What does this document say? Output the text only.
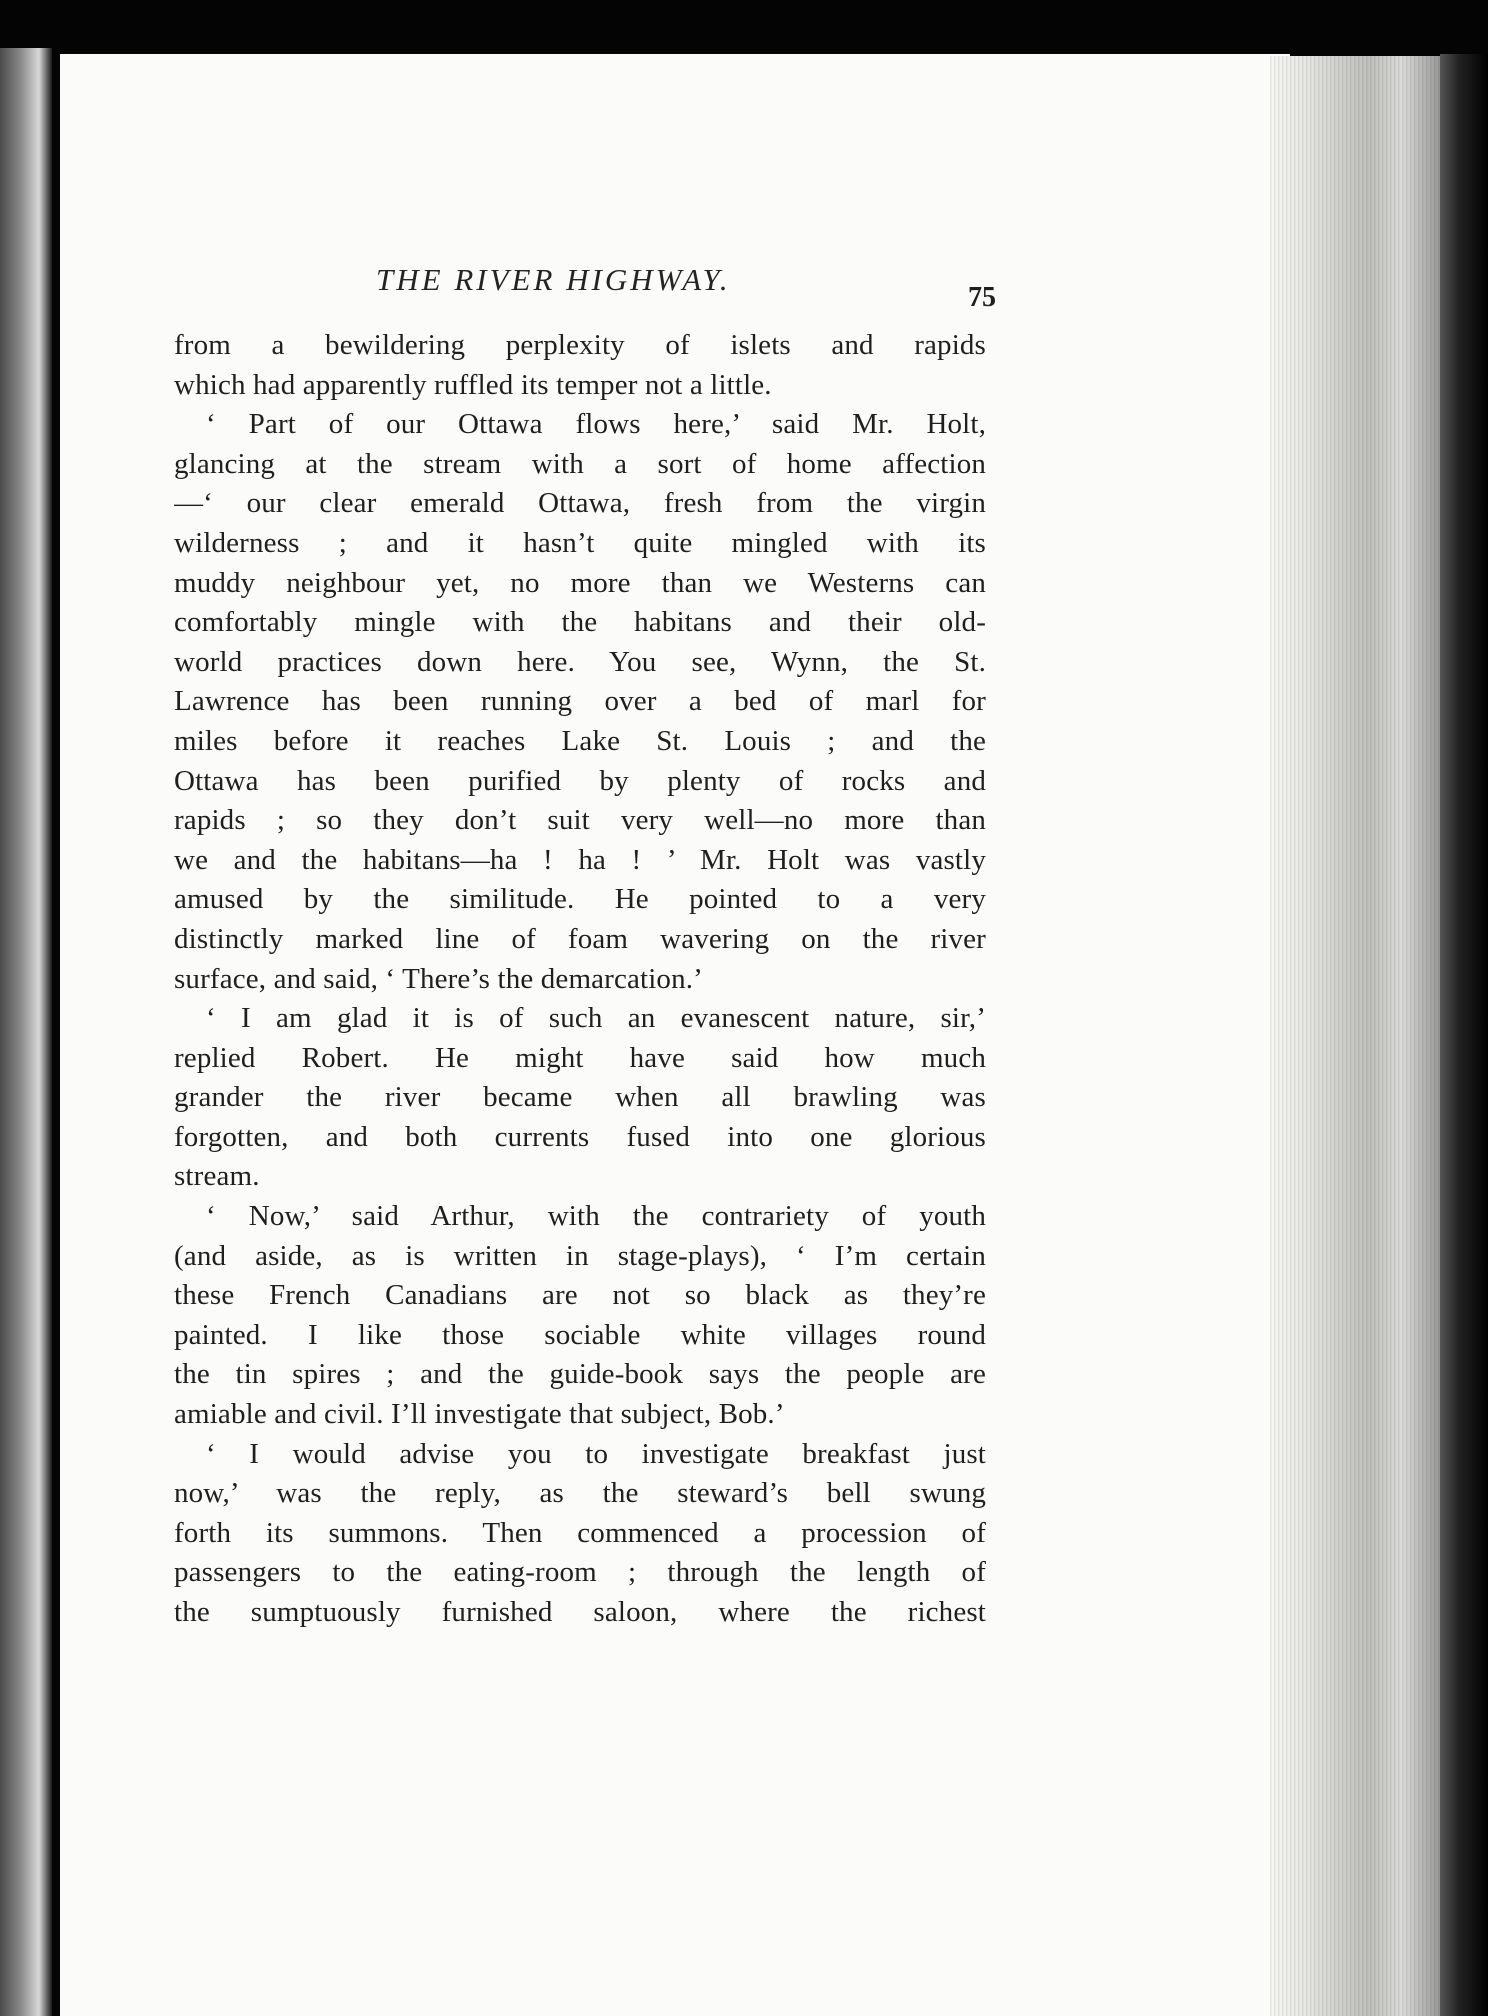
THE RIVER HIGHWAY.
75
from a bewildering perplexity of islets and rapids
which had apparently ruffled its temper not a little.
‘ Part of our Ottawa flows here,’ said Mr. Holt,
glancing at the stream with a sort of home affection
—‘ our clear emerald Ottawa, fresh from the virgin
wilderness ; and it hasn’t quite mingled with its
muddy neighbour yet, no more than we Westerns can
comfortably mingle with the habitans and their old-
world practices down here. You see, Wynn, the St.
Lawrence has been running over a bed of marl for
miles before it reaches Lake St. Louis ; and the
Ottawa has been purified by plenty of rocks and
rapids ; so they don’t suit very well—no more than
we and the habitans—ha ! ha ! ’ Mr. Holt was vastly
amused by the similitude. He pointed to a very
distinctly marked line of foam wavering on the river
surface, and said, ‘ There’s the demarcation.’
‘ I am glad it is of such an evanescent nature, sir,’
replied Robert. He might have said how much
grander the river became when all brawling was
forgotten, and both currents fused into one glorious
stream.
‘ Now,’ said Arthur, with the contrariety of youth
(and aside, as is written in stage-plays), ‘ I’m certain
these French Canadians are not so black as they’re
painted. I like those sociable white villages round
the tin spires ; and the guide-book says the people are
amiable and civil. I’ll investigate that subject, Bob.’
‘ I would advise you to investigate breakfast just
now,’ was the reply, as the steward’s bell swung
forth its summons. Then commenced a procession of
passengers to the eating-room ; through the length of
the sumptuously furnished saloon, where the richest
